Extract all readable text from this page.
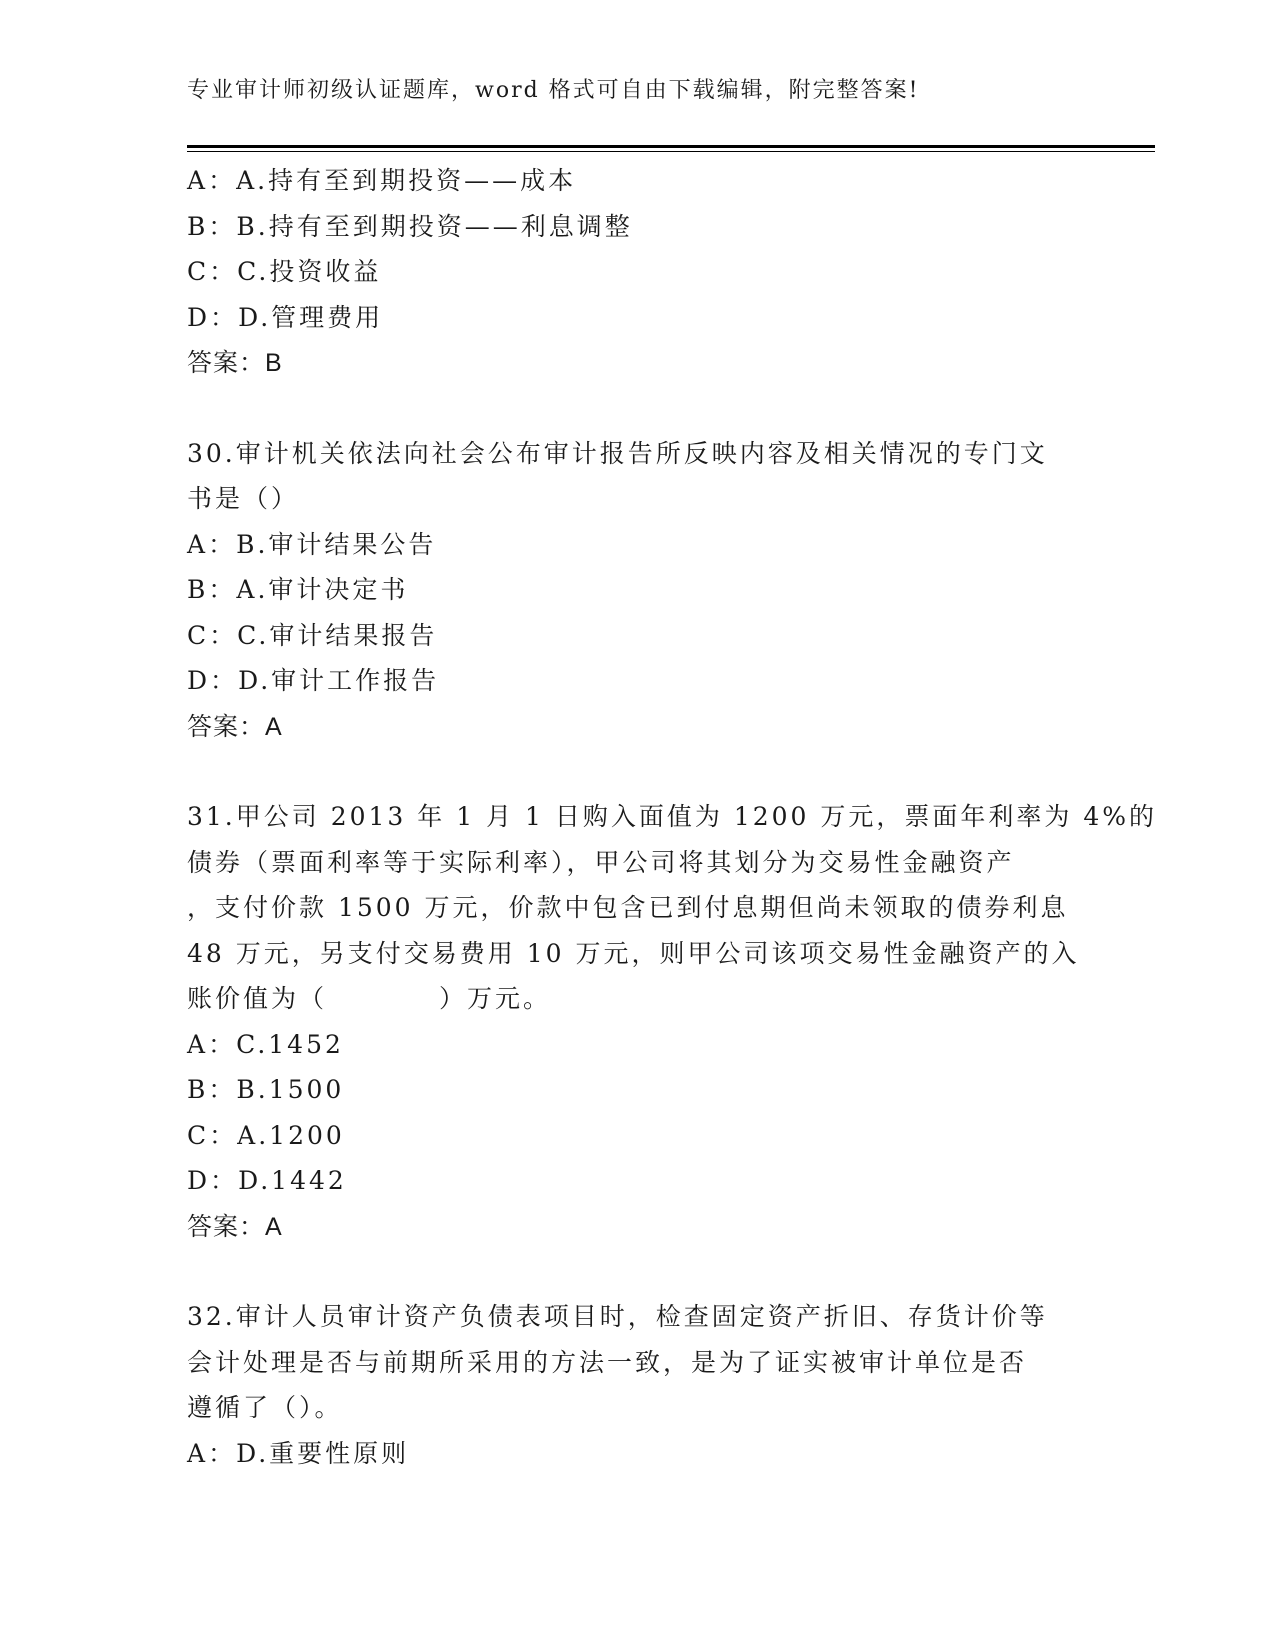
专业审计师初级认证题库，word 格式可自由下载编辑，附完整答案!
A：A.持有至到期投资——成本
B：B.持有至到期投资——利息调整
C：C.投资收益
D：D.管理费用
答案：B
30.审计机关依法向社会公布审计报告所反映内容及相关情况的专门文
书是（）
A：B.审计结果公告
B：A.审计决定书
C：C.审计结果报告
D：D.审计工作报告
答案：A
31.甲公司 2013 年 1 月 1 日购入面值为 1200 万元，票面年利率为 4%的
债券（票面利率等于实际利率），甲公司将其划分为交易性金融资产
，支付价款 1500 万元，价款中包含已到付息期但尚未领取的债券利息
48 万元，另支付交易费用 10 万元，则甲公司该项交易性金融资产的入
账价值为（　　　　）万元。
A：C.1452
B：B.1500
C：A.1200
D：D.1442
答案：A
32.审计人员审计资产负债表项目时，检查固定资产折旧、存货计价等
会计处理是否与前期所采用的方法一致，是为了证实被审计单位是否
遵循了（）。
A：D.重要性原则
